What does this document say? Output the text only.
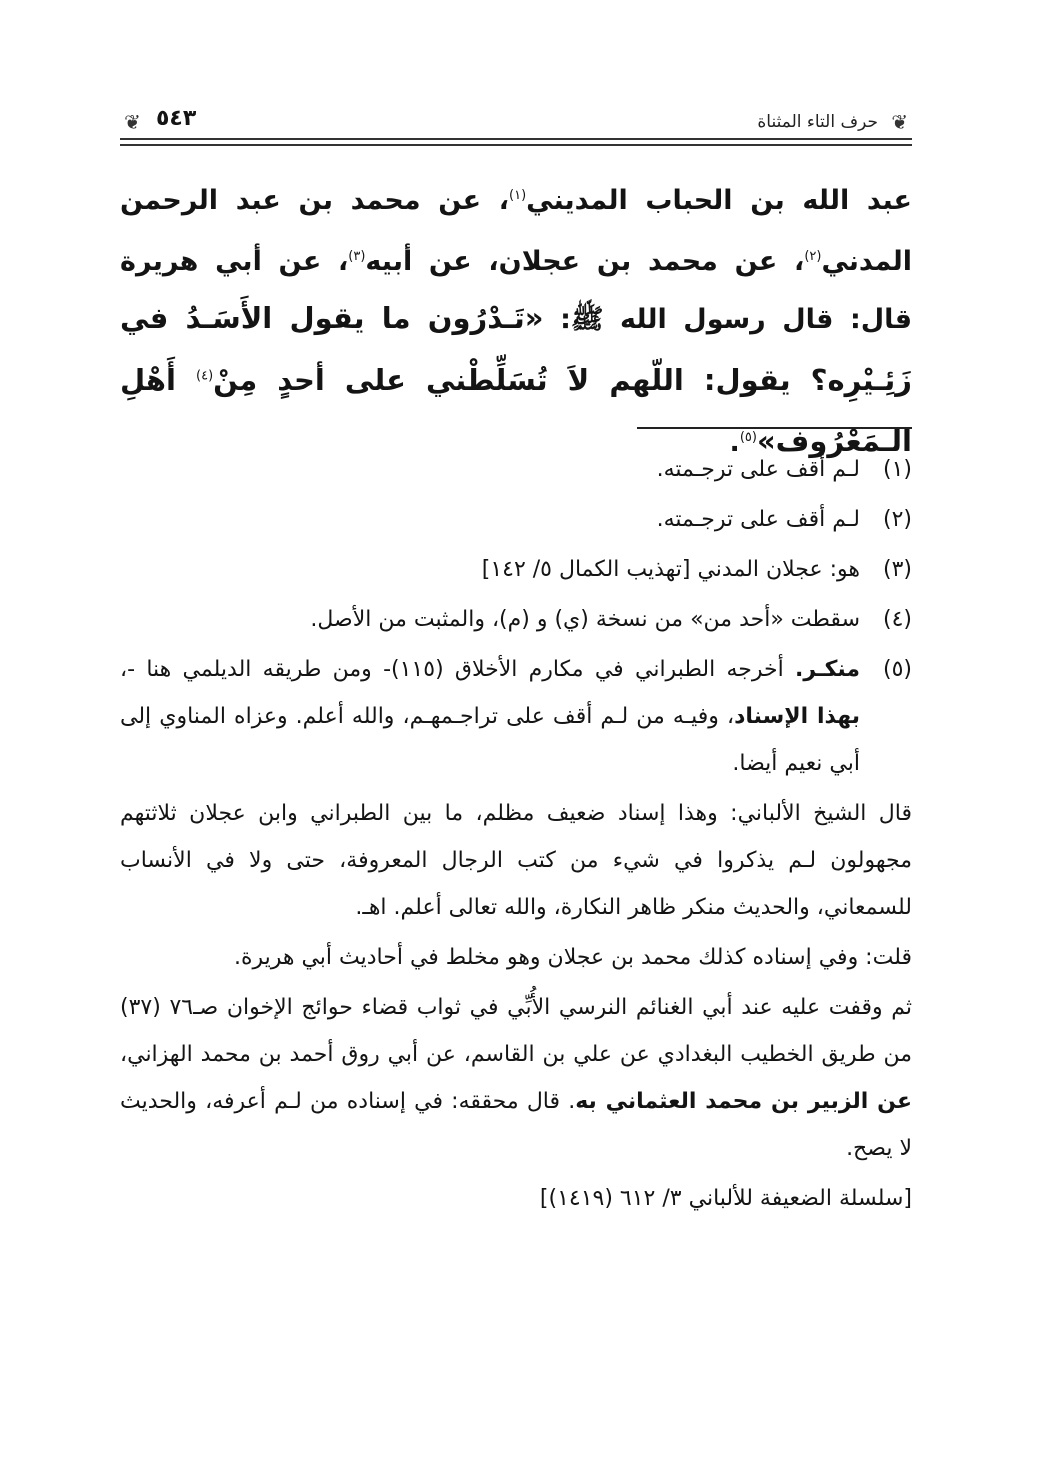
❦
حرف التاء المثناة
٥٤٣
❦
عبد الله بن الحباب المديني$^{(١)}$، عن محمد بن عبد الرحمن المدني$^{(٢)}$، عن محمد بن عجلان، عن أبيه$^{(٣)}$، عن أبي هريرة قال: قال رسول الله ﷺ: «تَـدْرُون ما يقول الأَسَـدُ في زَئِـيْرِه؟ يقول: اللّهم لاَ تُسَلِّطْني على أحدٍ مِنْ$^{(٤)}$ أَهْلِ الـمَعْرُوف»$^{(٥)}$.
(١)
لـم أقف على ترجـمته.
(٢)
لـم أقف على ترجـمته.
(٣)
هو: عجلان المدني [تهذيب الكمال ٥/ ١٤٢]
(٤)
سقطت «أحد من» من نسخة (ي) و (م)، والمثبت من الأصل.
(٥)
منكـر. أخرجه الطبراني في مكارم الأخلاق (١١٥)- ومن طريقه الديلمي هنا -، بهذا الإسناد، وفيـه من لـم أقف على تراجـمهـم، والله أعلم. وعزاه المناوي إلى أبي نعيم أيضا.
قال الشيخ الألباني: وهذا إسناد ضعيف مظلم، ما بين الطبراني وابن عجلان ثلاثتهم مجهولون لـم يذكروا في شيء من كتب الرجال المعروفة، حتى ولا في الأنساب للسمعاني، والحديث منكر ظاهر النكارة، والله تعالى أعلم. اهـ.
قلت: وفي إسناده كذلك محمد بن عجلان وهو مخلط في أحاديث أبي هريرة.
ثم وقفت عليه عند أبي الغنائم النرسي الأُبِّي في ثواب قضاء حوائج الإخوان صـ٧٦ (٣٧) من طريق الخطيب البغدادي عن علي بن القاسم، عن أبي روق أحمد بن محمد الهزاني، عن الزبير بن محمد العثماني به. قال محققه: في إسناده من لـم أعرفه، والحديث لا يصح.
[سلسلة الضعيفة للألباني ٣/ ٦١٢ (١٤١٩)]
